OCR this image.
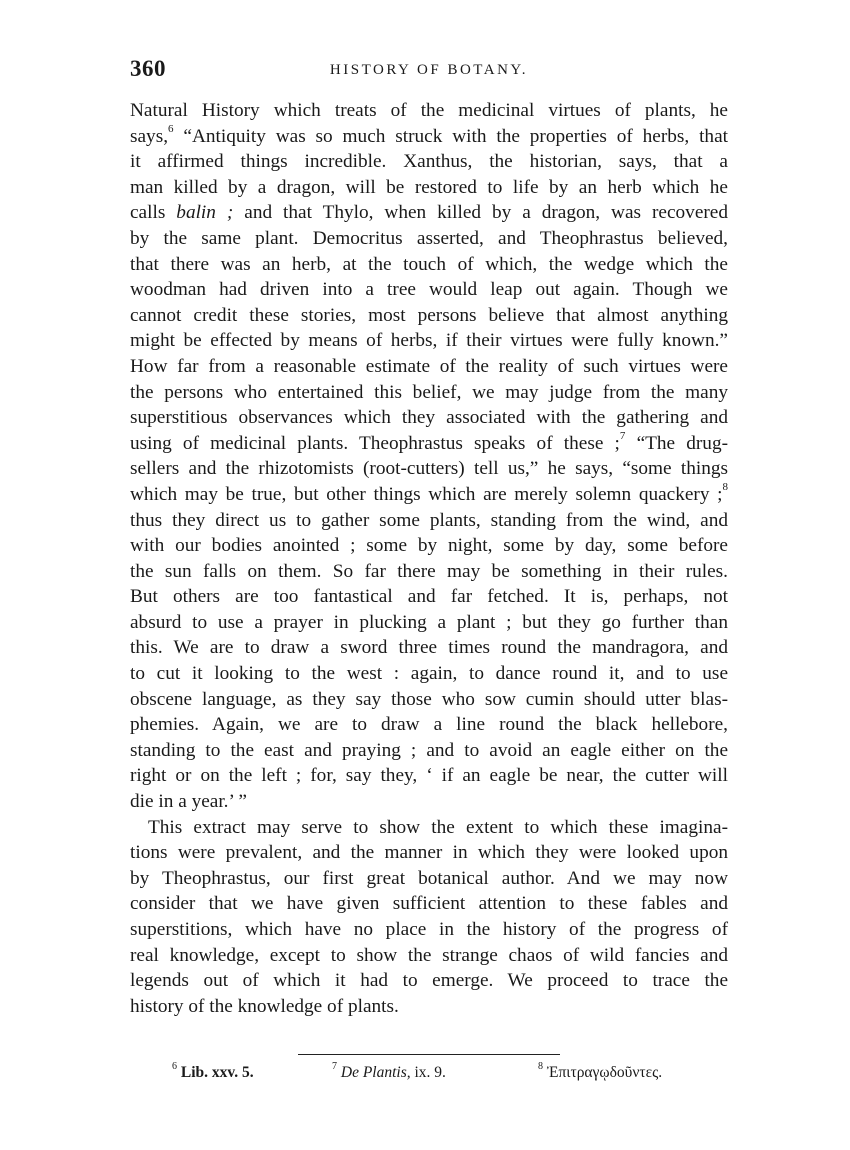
360	HISTORY OF BOTANY.
Natural History which treats of the medicinal virtues of plants, he
says,$^6$ “Antiquity was so much struck with the properties of herbs, that
it affirmed things incredible. Xanthus, the historian, says, that a
man killed by a dragon, will be restored to life by an herb which he
calls balin ; and that Thylo, when killed by a dragon, was recovered
by the same plant. Democritus asserted, and Theophrastus believed,
that there was an herb, at the touch of which, the wedge which the
woodman had driven into a tree would leap out again. Though we
cannot credit these stories, most persons believe that almost anything
might be effected by means of herbs, if their virtues were fully known.”
How far from a reasonable estimate of the reality of such virtues were
the persons who entertained this belief, we may judge from the many
superstitious observances which they associated with the gathering and
using of medicinal plants. Theophrastus speaks of these ;$^7$ “The drug-
sellers and the rhizotomists (root-cutters) tell us,” he says, “some things
which may be true, but other things which are merely solemn quackery ;$^8$
thus they direct us to gather some plants, standing from the wind, and
with our bodies anointed ; some by night, some by day, some before
the sun falls on them. So far there may be something in their rules.
But others are too fantastical and far fetched. It is, perhaps, not
absurd to use a prayer in plucking a plant ; but they go further than
this. We are to draw a sword three times round the mandragora, and
to cut it looking to the west : again, to dance round it, and to use
obscene language, as they say those who sow cumin should utter blas-
phemies. Again, we are to draw a line round the black hellebore,
standing to the east and praying ; and to avoid an eagle either on the
right or on the left ; for, say they, ‘ if an eagle be near, the cutter will
die in a year.’ ”
This extract may serve to show the extent to which these imagina-
tions were prevalent, and the manner in which they were looked upon
by Theophrastus, our first great botanical author. And we may now
consider that we have given sufficient attention to these fables and
superstitions, which have no place in the history of the progress of
real knowledge, except to show the strange chaos of wild fancies and
legends out of which it had to emerge. We proceed to trace the
history of the knowledge of plants.
$^6$ Lib. xxv. 5.	$^7$ De Plantis, ix. 9.	$^8$ Ἐπιτραγῳδοῦντες.
